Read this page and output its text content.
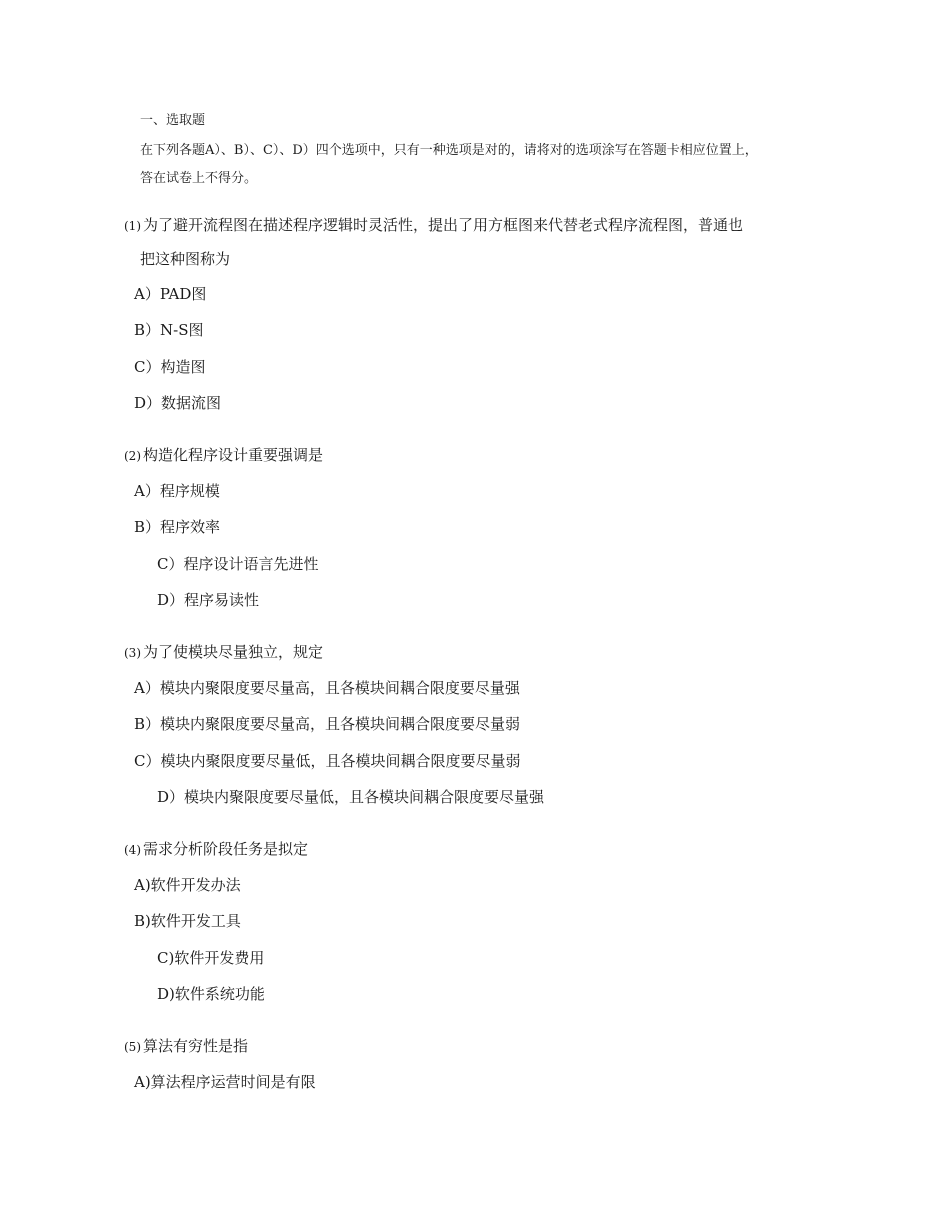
一、选取题
在下列各题A）、B）、C）、D）四个选项中，只有一种选项是对的，请将对的选项涂写在答题卡相应位置上，
答在试卷上不得分。
(1) 为了避开流程图在描述程序逻辑时灵活性，提出了用方框图来代替老式程序流程图，普通也
把这种图称为
A）PAD图
B）N-S图
C）构造图
D）数据流图
(2) 构造化程序设计重要强调是
A）程序规模
B）程序效率
C）程序设计语言先进性
D）程序易读性
(3) 为了使模块尽量独立，规定
A）模块内聚限度要尽量高，且各模块间耦合限度要尽量强
B）模块内聚限度要尽量高，且各模块间耦合限度要尽量弱
C）模块内聚限度要尽量低，且各模块间耦合限度要尽量弱
D）模块内聚限度要尽量低，且各模块间耦合限度要尽量强
(4) 需求分析阶段任务是拟定
A)软件开发办法
B)软件开发工具
C)软件开发费用
D)软件系统功能
(5) 算法有穷性是指
A)算法程序运营时间是有限
